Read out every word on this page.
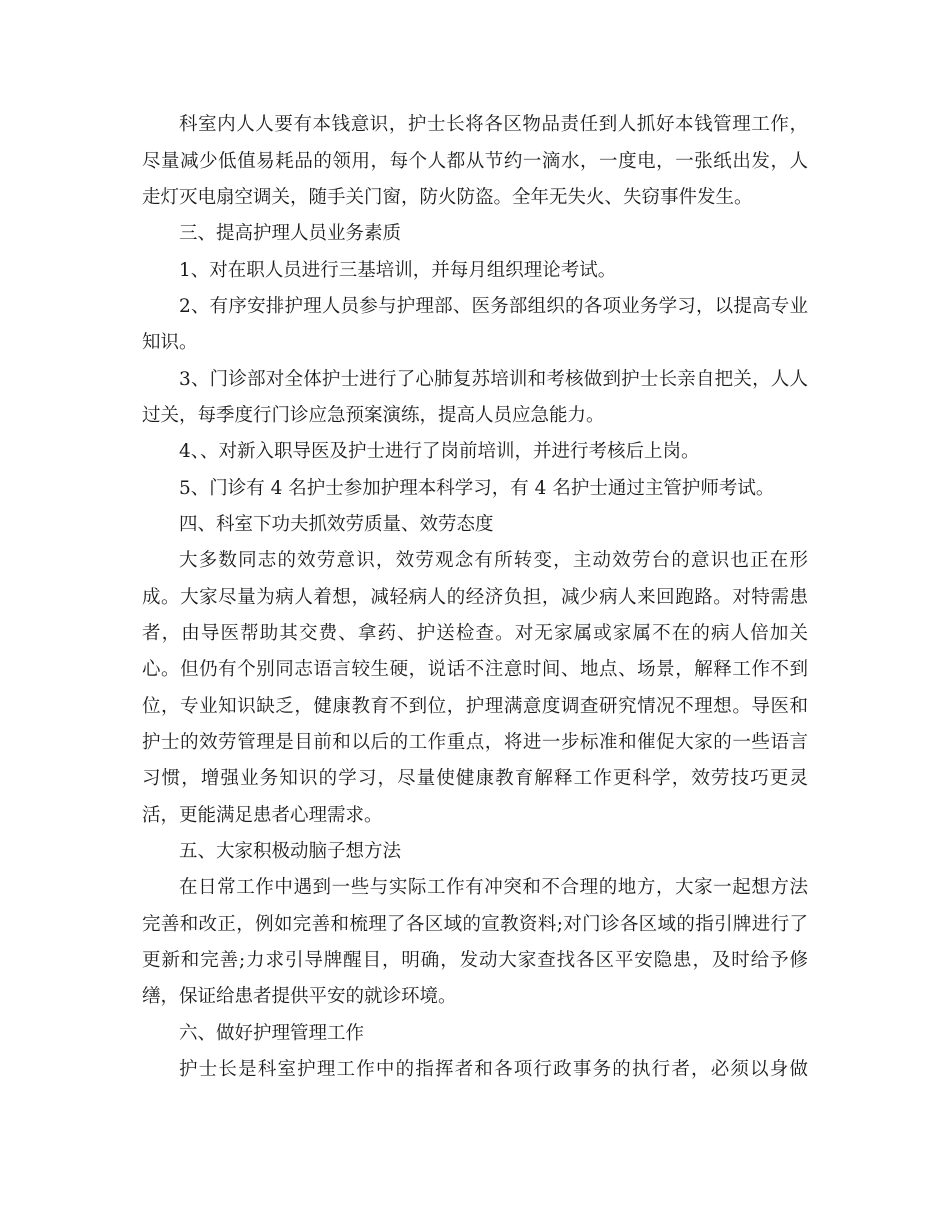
科室内人人要有本钱意识，护士长将各区物品责任到人抓好本钱管理工作，
尽量减少低值易耗品的领用，每个人都从节约一滴水，一度电，一张纸出发，人
走灯灭电扇空调关，随手关门窗，防火防盗。全年无失火、失窃事件发生。
三、提高护理人员业务素质
1、对在职人员进行三基培训，并每月组织理论考试。
2、有序安排护理人员参与护理部、医务部组织的各项业务学习，以提高专业
知识。
3、门诊部对全体护士进行了心肺复苏培训和考核做到护士长亲自把关，人人
过关，每季度行门诊应急预案演练，提高人员应急能力。
4、、对新入职导医及护士进行了岗前培训，并进行考核后上岗。
5、门诊有 4 名护士参加护理本科学习，有 4 名护士通过主管护师考试。
四、科室下功夫抓效劳质量、效劳态度
大多数同志的效劳意识，效劳观念有所转变，主动效劳台的意识也正在形
成。大家尽量为病人着想，减轻病人的经济负担，减少病人来回跑路。对特需患
者，由导医帮助其交费、拿药、护送检查。对无家属或家属不在的病人倍加关
心。但仍有个别同志语言较生硬，说话不注意时间、地点、场景，解释工作不到
位，专业知识缺乏，健康教育不到位，护理满意度调查研究情况不理想。导医和
护士的效劳管理是目前和以后的工作重点，将进一步标准和催促大家的一些语言
习惯，增强业务知识的学习，尽量使健康教育解释工作更科学，效劳技巧更灵
活，更能满足患者心理需求。
五、大家积极动脑子想方法
在日常工作中遇到一些与实际工作有冲突和不合理的地方，大家一起想方法
完善和改正，例如完善和梳理了各区域的宣教资料;对门诊各区域的指引牌进行了
更新和完善;力求引导牌醒目，明确，发动大家查找各区平安隐患，及时给予修
缮，保证给患者提供平安的就诊环境。
六、做好护理管理工作
护士长是科室护理工作中的指挥者和各项行政事务的执行者，必须以身做
